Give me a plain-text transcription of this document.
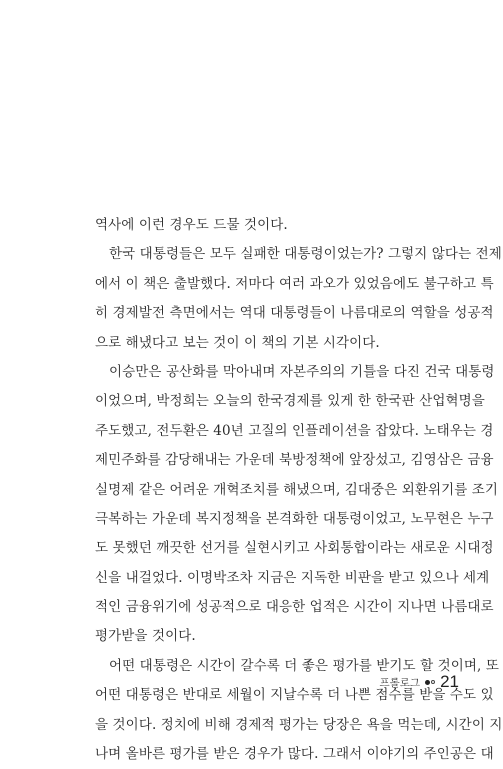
역사에 이런 경우도 드물 것이다.
한국 대통령들은 모두 실패한 대통령이었는가? 그렇지 않다는 전제
에서 이 책은 출발했다. 저마다 여러 과오가 있었음에도 불구하고 특
히 경제발전 측면에서는 역대 대통령들이 나름대로의 역할을 성공적
으로 해냈다고 보는 것이 이 책의 기본 시각이다.
이승만은 공산화를 막아내며 자본주의의 기틀을 다진 건국 대통령
이었으며, 박정희는 오늘의 한국경제를 있게 한 한국판 산업혁명을
주도했고, 전두환은 40년 고질의 인플레이션을 잡았다. 노태우는 경
제민주화를 감당해내는 가운데 북방정책에 앞장섰고, 김영삼은 금융
실명제 같은 어려운 개혁조치를 해냈으며, 김대중은 외환위기를 조기
극복하는 가운데 복지정책을 본격화한 대통령이었고, 노무현은 누구
도 못했던 깨끗한 선거를 실현시키고 사회통합이라는 새로운 시대정
신을 내걸었다. 이명박조차 지금은 지독한 비판을 받고 있으나 세계
적인 금융위기에 성공적으로 대응한 업적은 시간이 지나면 나름대로
평가받을 것이다.
어떤 대통령은 시간이 갈수록 더 좋은 평가를 받기도 할 것이며, 또
어떤 대통령은 반대로 세월이 지날수록 더 나쁜 점수를 받을 수도 있
을 것이다. 정치에 비해 경제적 평가는 당장은 욕을 먹는데, 시간이 지
나며 올바른 평가를 받은 경우가 많다. 그래서 이야기의 주인공은 대
프롤로그 21
